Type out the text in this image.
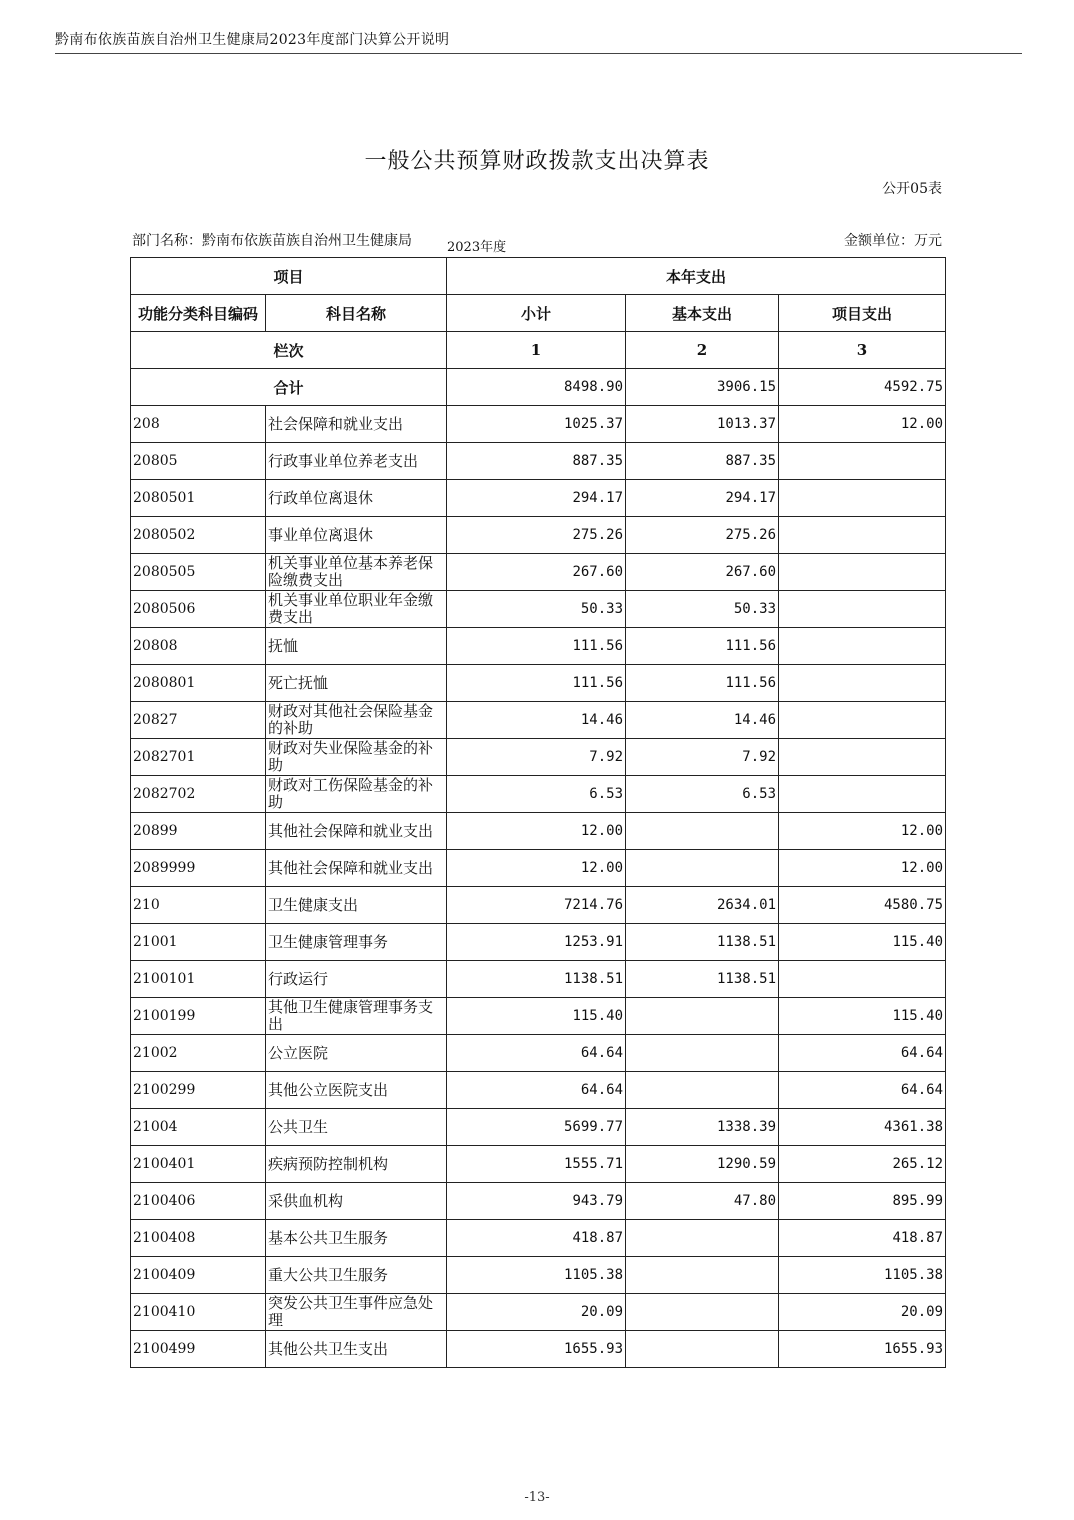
黔南布依族苗族自治州卫生健康局2023年度部门决算公开说明
一般公共预算财政拨款支出决算表
公开05表
部门名称：黔南布依族苗族自治州卫生健康局	2023年度	金额单位：万元
项目		本年支出		
功能分类科目编码	科目名称	小计	基本支出	项目支出
栏次		1	2	3
合计		8498.90	3906.15	4592.75
208	社会保障和就业支出	1025.37	1013.37	12.00
20805	行政事业单位养老支出	887.35	887.35	
2080501	行政单位离退休	294.17	294.17	
2080502	事业单位离退休	275.26	275.26	
2080505	机关事业单位基本养老保险缴费支出	267.60	267.60	
2080506	机关事业单位职业年金缴费支出	50.33	50.33	
20808	抚恤	111.56	111.56	
2080801	死亡抚恤	111.56	111.56	
20827	财政对其他社会保险基金的补助	14.46	14.46	
2082701	财政对失业保险基金的补助	7.92	7.92	
2082702	财政对工伤保险基金的补助	6.53	6.53	
20899	其他社会保障和就业支出	12.00		12.00
2089999	其他社会保障和就业支出	12.00		12.00
210	卫生健康支出	7214.76	2634.01	4580.75
21001	卫生健康管理事务	1253.91	1138.51	115.40
2100101	行政运行	1138.51	1138.51	
2100199	其他卫生健康管理事务支出	115.40		115.40
21002	公立医院	64.64		64.64
2100299	其他公立医院支出	64.64		64.64
21004	公共卫生	5699.77	1338.39	4361.38
2100401	疾病预防控制机构	1555.71	1290.59	265.12
2100406	采供血机构	943.79	47.80	895.99
2100408	基本公共卫生服务	418.87		418.87
2100409	重大公共卫生服务	1105.38		1105.38
2100410	突发公共卫生事件应急处理	20.09		20.09
2100499	其他公共卫生支出	1655.93		1655.93
-13-
